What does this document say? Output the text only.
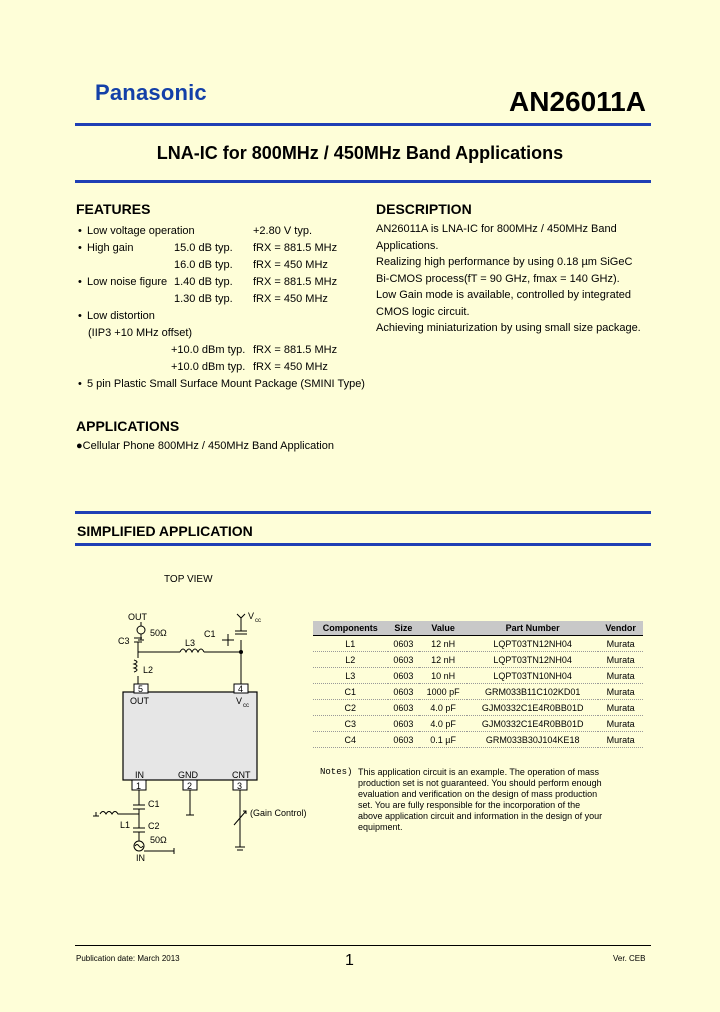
Panasonic	AN26011A
LNA-IC for 800MHz / 450MHz Band Applications
FEATURES
• Low voltage operation	+2.80 V typ.
• High gain	15.0 dB typ. fRX = 881.5 MHz
16.0 dB typ. fRX = 450 MHz
• Low noise figure 1.40 dB typ. fRX = 881.5 MHz
1.30 dB typ. fRX = 450 MHz
• Low distortion
(IIP3 +10 MHz offset)
+10.0 dBm typ. fRX = 881.5 MHz
+10.0 dBm typ. fRX = 450 MHz
• 5 pin Plastic Small Surface Mount Package (SMINI Type)
DESCRIPTION

AN26011A is LNA-IC for 800MHz / 450MHz Band

Applications.

Realizing high performance by using 0.18 µm SiGeC

Bi-CMOS process(fT = 90 GHz, fmax = 140 GHz).

Low Gain mode is available, controlled by integrated

CMOS logic circuit.

Achieving miniaturization by using small size package.

APPLICATIONS
●Cellular Phone 800MHz / 450MHz Band Application
SIMPLIFIED APPLICATION
TOP VIEW
5	4
1	2	3
OUT	V cc
IN	GND	CNT
OUT
50Ω
C3	L3
C1
V cc
L2
C1
L1 C2
50Ω
IN
(Gain Control)
Components	Size	Value	Part Number	Vendor
L1	0603	12 nH	LQPT03TN12NH04	Murata
L2	0603	12 nH	LQPT03TN12NH04	Murata
L3	0603	10 nH	LQPT03TN10NH04	Murata
C1	0603	1000 pF	GRM033B11C102KD01	Murata
C2	0603	4.0 pF	GJM0332C1E4R0BB01D	Murata
C3	0603	4.0 pF	GJM0332C1E4R0BB01D	Murata
C4	0603	0.1 µF	GRM033B30J104KE18	Murata
Notes) This application circuit is an example. The operation of mass
production set is not guaranteed. You should perform enough
evaluation and verification on the design of mass production
set. You are fully responsible for the incorporation of the
above application circuit and information in the design of your
equipment.
Publication date: March 2013	1	Ver. CEB
